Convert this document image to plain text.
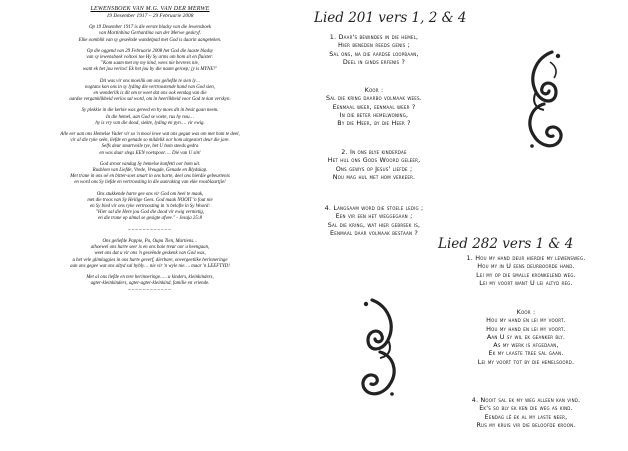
LEWENSBOEK VAN M.G. VAN DER MERWE
19 Desember 1917 – 29 Februarie 2008

Op 19 Desember 1917 is die eerste bladsy van die lewensboek
van Martinhina Gerhardina van der Merwe geskryf.
Elke oomblik van sy geseënde wandelpad met God is daarin aangeteken.

Op die oggend van 29 Februarie 2008 het God die laaste bladsy
van sy lewensboek voltooi toe Hy Sy arms om hom sit en fluister:
"Kom saam met my my kind, wees nie bevrees nie,
want ek het jou verlos! Ek het jou by die naam geroep; jy is MYNE!"

Dit was vir ons moeilik om ons geliefde te sien ly…
nogtans kon ons in sy lyding die vertroostende hand van God sien,
en wonderlik is dit om te weet dat ons ook eendag van die
aardse verganklikheid verlos sal word, om in heerlikheid voor God te kan verskyn.

Sy plekkie in die kerkie was gereed en hy moes dit in besit gaan neem.
In die hemel, aan God se voete, rus hy nou…
hy is vry van die dood, siekte, lyding en pyn…. vir ewig.

Alle eer aan ons Hemelse Vader vir so 'n mooi lewe wat ons gegun was om met hom te deel,
vir al die ryke seën, liefde en genade so mildelik oor hom uitgestort deur die jare.
Selfs deur smartvolle tye, het U hom steeds gedra
en was daar slegs EEN voetspoor…. Dié van U sin!

God stroot vandag Sy hemelse konfetti oor hom uit.
Rusblom van Liefde, Vrede, Vreugde, Genade en Blydskap.
Met trane in ons oë en bitter-soet smart in ons harte, deel ons hierdie gebeurtenis
en word ons Sy liefde en vertroosting in die aanraking van elke roosblaartjie!

Ons stukkende harte gee ons vir God om heel te maak,
met die troos van Sy Heilige Gees. God maak NOOIT 'n fout nie
en Sy bied vir ons ryke vertroosting in 'n belofte in Sy Woord:
"Hier sal die Here jou God die dood vir ewig vernietig,
en die trane op almal se gesigte afvee." - Jesaja 25:8

~~~~~~~~~~~~

Ons geliefde Pappie, Pa, Oupa Tien, Martiens…
alhoewel ons harte seer is en ons baie treur oor u heengaan,
weet ons dat u vir ons 'n geseënde geskenk van God was,
u het vele glimlaggies in ons harte geverf, dierbare, onvergeetlike herinneringe
aan ons gegee wat ons altyd sal bybly… nie vir 'n wyle nie…. maar 'n LEEFTYD!

Met al ons liefde en tere herinneringe….. u kinders, kleinkinders,
agter-kleinkinders, agter-agter-kleinkind, familie en vriende.

~~~~~~~~~~~~
Lied 201 vers 1, 2 & 4
1. Daar's bewindes in die hemel,
Hier beneden reeds genis ;
Sal ons, na die aardse loopbaan,
Deel in ginds erfenis ?
Koor :
Sal die kring daarbo volmaak wees.
Eenmaal weer, eenmaal weer ?
In die beter hemelwoning,
By die Heer, by die Heer ?
2. In ons blye kinderdae
Het hul ons Gods Woord geleer,
Ons gewys op Jesus' liefde ;
Nou mag hul met hom verkeer.
4. Langsaam word die stoele ledig ;
Een vir een het weggegaan ;
Sal die kring, wat hier gebreek is,
Eenmaal daar volmaak bestaan ?
Lied 282 vers 1 & 4
1. Hou my hand deur hierdie my lewensweg.
Hou my in U eens deurboorde hand.
Lei my op die smalle kronkelend weg.
Lei my voort want U lei altyd reg.
Koor :
Hou my hand en lei my voort.
Hou my hand en lei my voort.
Aan U sy wil ek geanker bly.
As my werk is afgedaan,
Ek my laaste tree sal gaan.
Lei my voort tot by die hemelsoord.
4. Nooit sal ek my weg alleen kan vind.
Ek's so bly ek ken die weg as kind.
Eendag lê ek al my laste neer,
Rus my kruis vir die beloofde kroon.
